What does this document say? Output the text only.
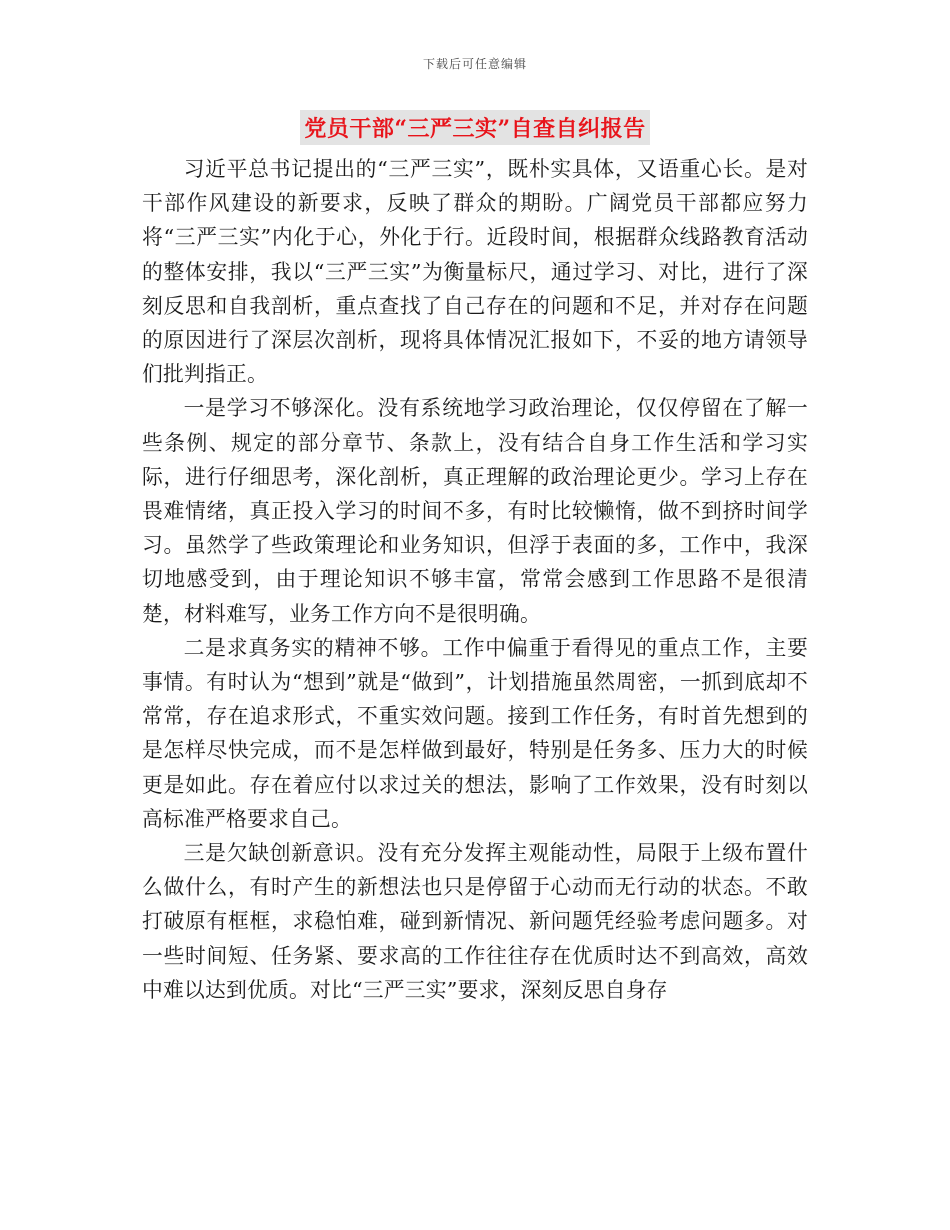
下载后可任意编辑
党员干部“三严三实”自查自纠报告

习近平总书记提出的“三严三实”，既朴实具体，又语重心长。是对干部作风建设的新要求，反映了群众的期盼。广阔党员干部都应努力将“三严三实”内化于心，外化于行。近段时间，根据群众线路教育活动的整体安排，我以“三严三实”为衡量标尺，通过学习、对比，进行了深刻反思和自我剖析，重点查找了自己存在的问题和不足，并对存在问题的原因进行了深层次剖析，现将具体情况汇报如下，不妥的地方请领导们批判指正。

一是学习不够深化。没有系统地学习政治理论，仅仅停留在了解一些条例、规定的部分章节、条款上，没有结合自身工作生活和学习实际，进行仔细思考，深化剖析，真正理解的政治理论更少。学习上存在畏难情绪，真正投入学习的时间不多，有时比较懒惰，做不到挤时间学习。虽然学了些政策理论和业务知识，但浮于表面的多，工作中，我深切地感受到，由于理论知识不够丰富，常常会感到工作思路不是很清楚，材料难写，业务工作方向不是很明确。

二是求真务实的精神不够。工作中偏重于看得见的重点工作，主要事情。有时认为“想到”就是“做到”，计划措施虽然周密，一抓到底却不常常，存在追求形式，不重实效问题。接到工作任务，有时首先想到的是怎样尽快完成，而不是怎样做到最好，特别是任务多、压力大的时候更是如此。存在着应付以求过关的想法，影响了工作效果，没有时刻以高标准严格要求自己。

三是欠缺创新意识。没有充分发挥主观能动性，局限于上级布置什么做什么，有时产生的新想法也只是停留于心动而无行动的状态。不敢打破原有框框，求稳怕难，碰到新情况、新问题凭经验考虑问题多。对一些时间短、任务紧、要求高的工作往往存在优质时达不到高效，高效中难以达到优质。对比“三严三实”要求，深刻反思自身存
